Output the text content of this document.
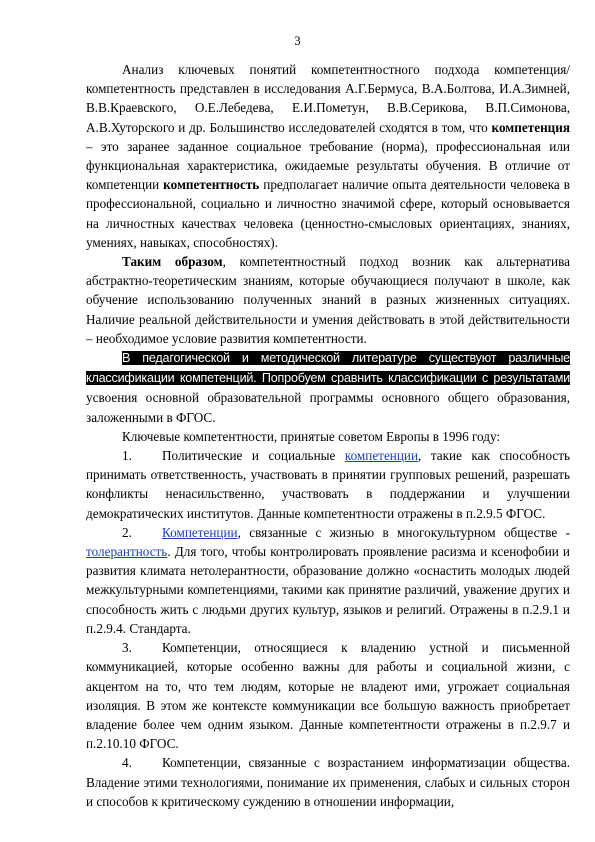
3

Анализ ключевых понятий компетентностного подхода компетенция/компетентность представлен в исследования А.Г.Бермуса, В.А.Болтова, И.А.Зимней, В.В.Краевского, О.Е.Лебедева, Е.И.Пометун, В.В.Серикова, В.П.Симонова, А.В.Хуторского и др. Большинство исследователей сходятся в том, что компетенция – это заранее заданное социальное требование (норма), профессиональная или функциональная характеристика, ожидаемые результаты обучения. В отличие от компетенции компетентность предполагает наличие опыта деятельности человека в профессиональной, социально и личностно значимой сфере, который основывается на личностных качествах человека (ценностно-смысловых ориентациях, знаниях, умениях, навыках, способностях).

Таким образом, компетентностный подход возник как альтернатива абстрактно-теоретическим знаниям, которые обучающиеся получают в школе, как обучение использованию полученных знаний в разных жизненных ситуациях. Наличие реальной действительности и умения действовать в этой действительности – необходимое условие развития компетентности.

В педагогической и методической литературе существуют различные классификации компетенций. Попробуем сравнить классификации с результатами усвоения основной образовательной программы основного общего образования, заложенными в ФГОС.

Ключевые компетентности, принятые советом Европы в 1996 году:

1. Политические и социальные компетенции, такие как способность принимать ответственность, участвовать в принятии групповых решений, разрешать конфликты ненасильственно, участвовать в поддержании и улучшении демократических институтов. Данные компетентности отражены в п.2.9.5 ФГОС.

2. Компетенции, связанные с жизнью в многокультурном обществе - толерантность. Для того, чтобы контролировать проявление расизма и ксенофобии и развития климата нетолерантности, образование должно «оснастить молодых людей межкультурными компетенциями, такими как принятие различий, уважение других и способность жить с людьми других культур, языков и религий. Отражены в п.2.9.1 и п.2.9.4. Стандарта.

3. Компетенции, относящиеся к владению устной и письменной коммуникацией, которые особенно важны для работы и социальной жизни, с акцентом на то, что тем людям, которые не владеют ими, угрожает социальная изоляция. В этом же контексте коммуникации все большую важность приобретает владение более чем одним языком. Данные компетентности отражены в п.2.9.7 и п.2.10.10 ФГОС.

4. Компетенции, связанные с возрастанием информатизации общества. Владение этими технологиями, понимание их применения, слабых и сильных сторон и способов к критическому суждению в отношении информации,
